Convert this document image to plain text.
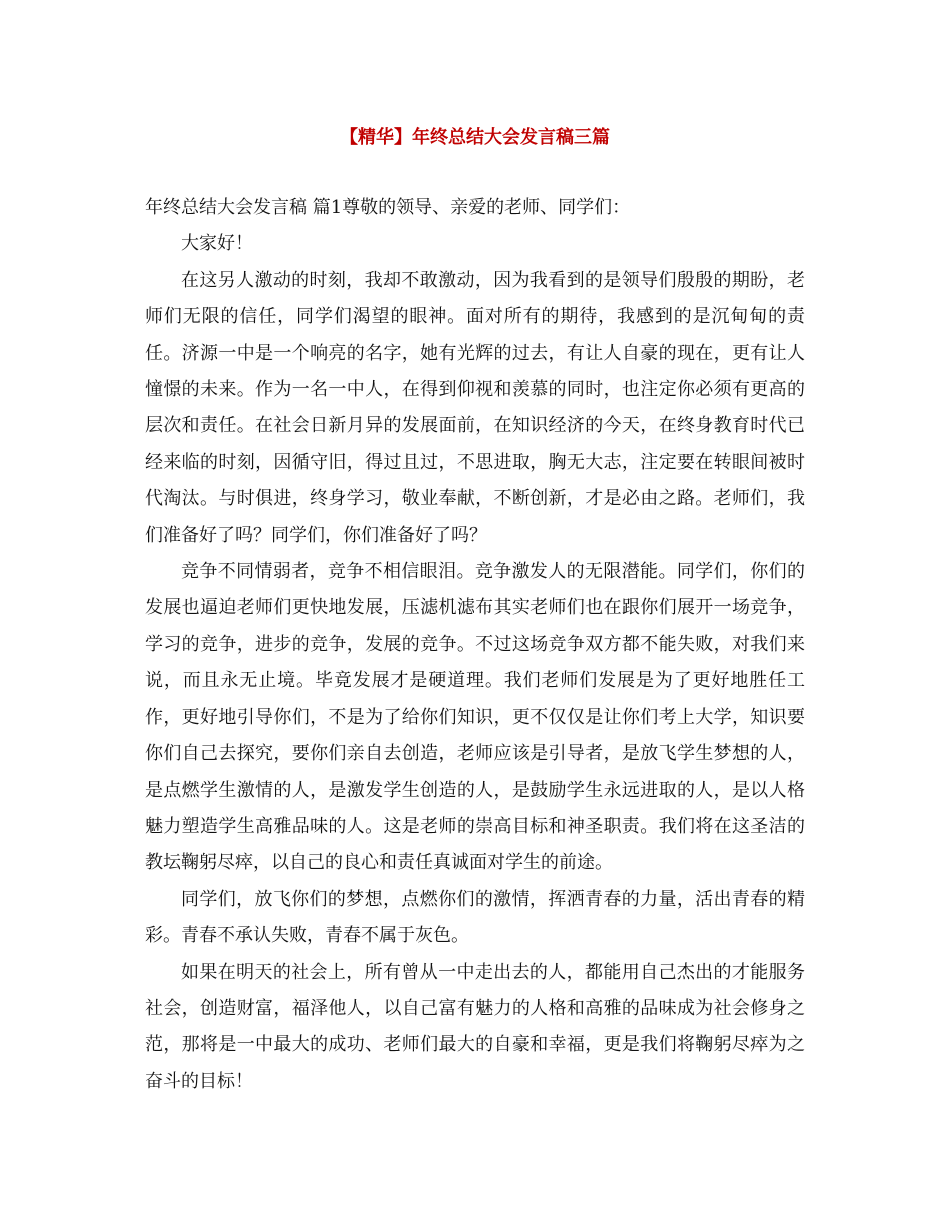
【精华】年终总结大会发言稿三篇

年终总结大会发言稿 篇1尊敬的领导、亲爱的老师、同学们：

大家好！

在这另人激动的时刻，我却不敢激动，因为我看到的是领导们殷殷的期盼，老师们无限的信任，同学们渴望的眼神。面对所有的期待，我感到的是沉甸甸的责任。济源一中是一个响亮的名字，她有光辉的过去，有让人自豪的现在，更有让人憧憬的未来。作为一名一中人，在得到仰视和羡慕的同时，也注定你必须有更高的层次和责任。在社会日新月异的发展面前，在知识经济的今天，在终身教育时代已经来临的时刻，因循守旧，得过且过，不思进取，胸无大志，注定要在转眼间被时代淘汰。与时俱进，终身学习，敬业奉献，不断创新，才是必由之路。老师们，我们准备好了吗？同学们，你们准备好了吗？

竞争不同情弱者，竞争不相信眼泪。竞争激发人的无限潜能。同学们，你们的发展也逼迫老师们更快地发展，压滤机滤布其实老师们也在跟你们展开一场竞争，学习的竞争，进步的竞争，发展的竞争。不过这场竞争双方都不能失败，对我们来说，而且永无止境。毕竟发展才是硬道理。我们老师们发展是为了更好地胜任工作，更好地引导你们，不是为了给你们知识，更不仅仅是让你们考上大学，知识要你们自己去探究，要你们亲自去创造，老师应该是引导者，是放飞学生梦想的人，是点燃学生激情的人，是激发学生创造的人，是鼓励学生永远进取的人，是以人格魅力塑造学生高雅品味的人。这是老师的崇高目标和神圣职责。我们将在这圣洁的教坛鞠躬尽瘁，以自己的良心和责任真诚面对学生的前途。

同学们，放飞你们的梦想，点燃你们的激情，挥洒青春的力量，活出青春的精彩。青春不承认失败，青春不属于灰色。

如果在明天的社会上，所有曾从一中走出去的人，都能用自己杰出的才能服务社会，创造财富，福泽他人，以自己富有魅力的人格和高雅的品味成为社会修身之范，那将是一中最大的成功、老师们最大的自豪和幸福，更是我们将鞠躬尽瘁为之奋斗的目标！
